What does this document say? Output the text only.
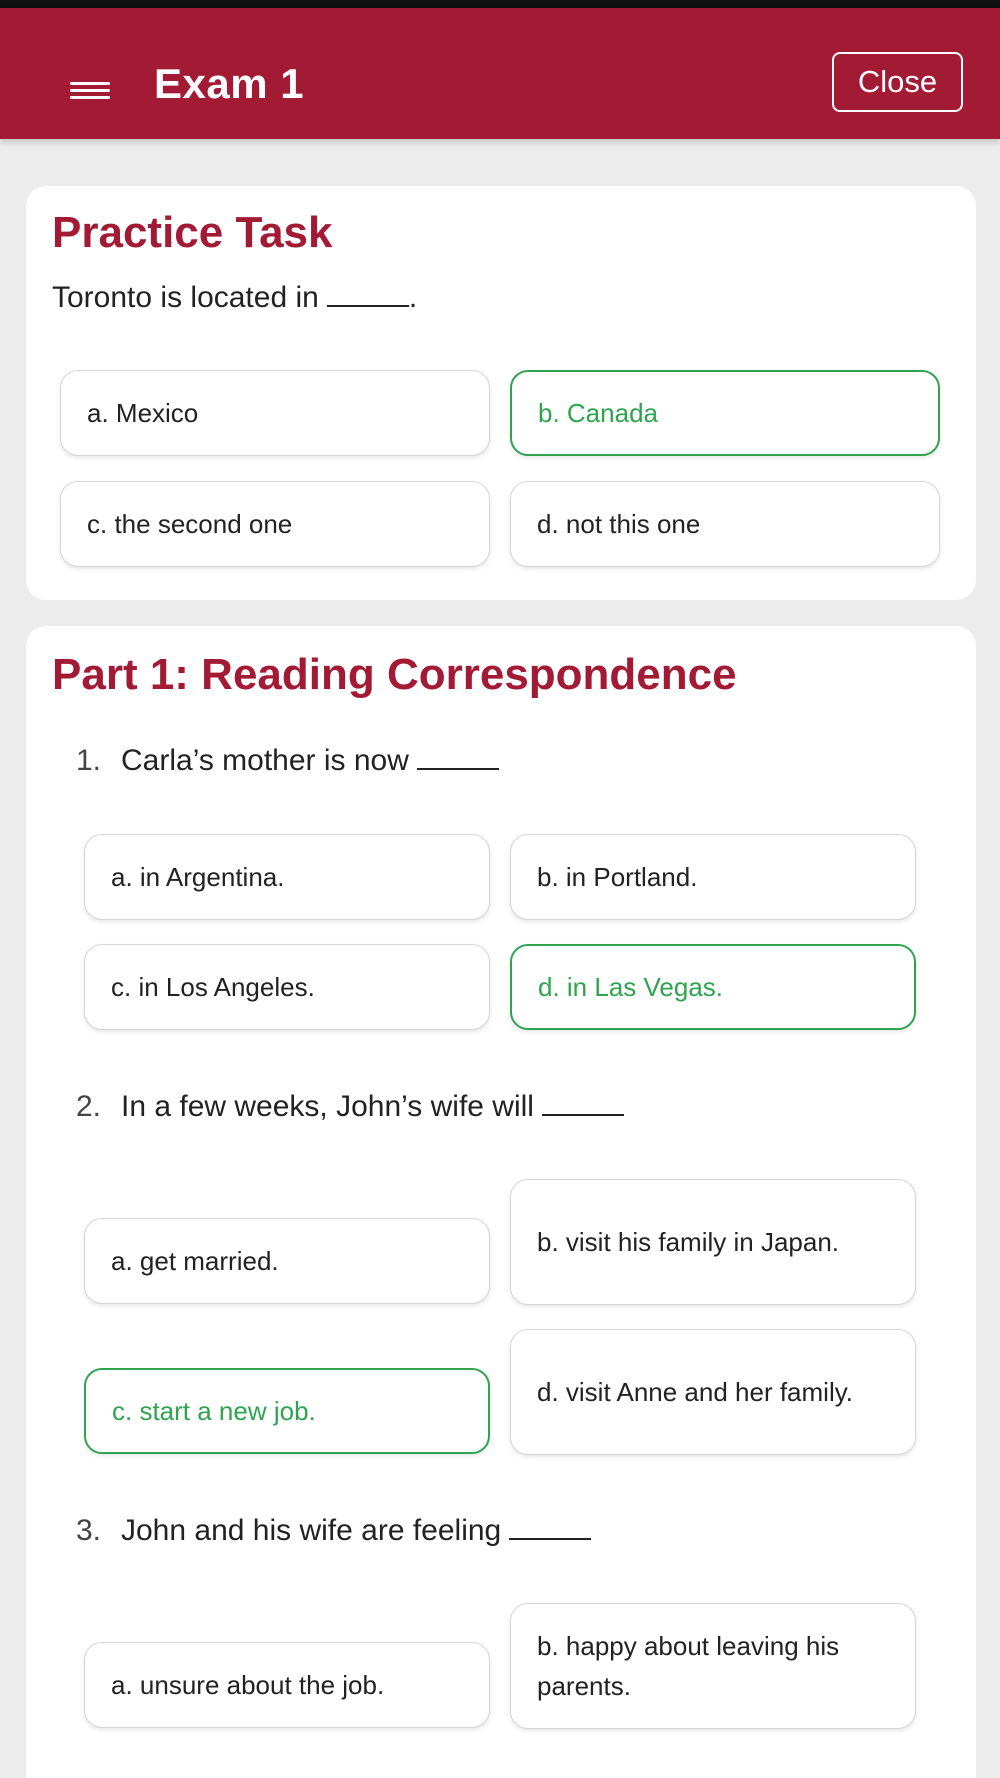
Exam 1	Close
Practice Task
Toronto is located in	.
a. Mexico	b. Canada
c. the second one	d. not this one
Part 1: Reading Correspondence
1. Carla’s mother is now
a. in Argentina.	b. in Portland.
c. in Los Angeles.	d. in Las Vegas.
2. In a few weeks, John’s wife will
a. get married.
b. visit his family in Japan.
c. start a new job.
d. visit Anne and her family.
3. John and his wife are feeling
a. unsure about the job.
b. happy about leaving his parents.
